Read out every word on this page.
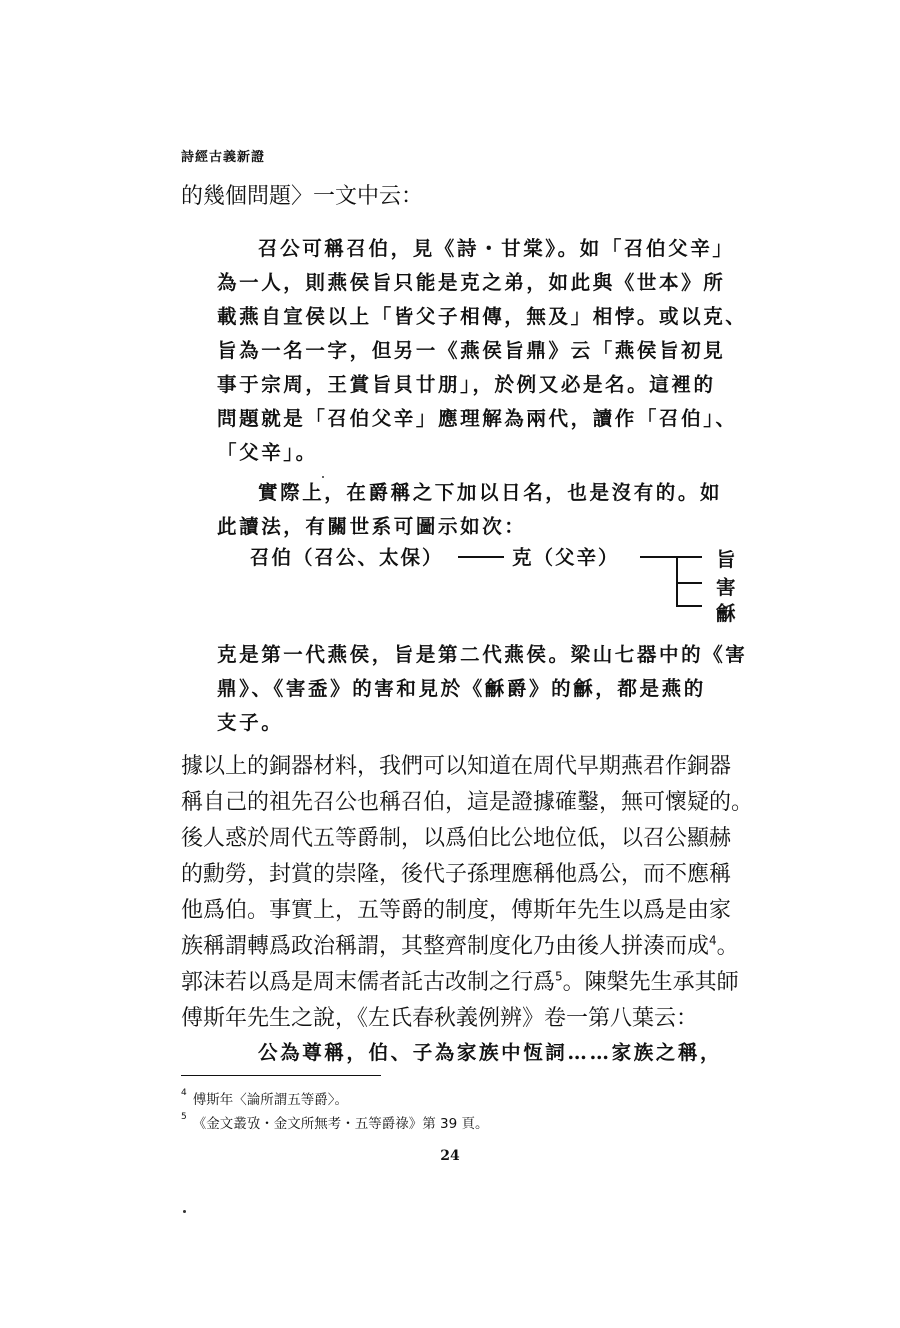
詩經古義新證
的幾個問題〉一文中云：
召公可稱召伯，見《詩・甘棠》。如「召伯父辛」
為一人，則燕侯旨只能是克之弟，如此與《世本》所
載燕自宣侯以上「皆父子相傳，無及」相悖。或以克、
旨為一名一字，但另一《燕侯旨鼎》云「燕侯旨初見
事于宗周，王賞旨貝廿朋」，於例又必是名。這裡的
問題就是「召伯父辛」應理解為兩代，讀作「召伯」、
「父辛」。
實際上，在爵稱之下加以日名，也是沒有的。如
此讀法，有關世系可圖示如次：
召伯（召公、太保）	克（父辛）	旨
害
龢
克是第一代燕侯，旨是第二代燕侯。梁山七器中的《害
鼎》、《害盉》的害和見於《龢爵》的龢，都是燕的
支子。
據以上的銅器材料，我們可以知道在周代早期燕君作銅器
稱自己的祖先召公也稱召伯，這是證據確鑿，無可懷疑的。
後人惑於周代五等爵制，以爲伯比公地位低，以召公顯赫
的勳勞，封賞的崇隆，後代子孫理應稱他爲公，而不應稱
他爲伯。事實上，五等爵的制度，傅斯年先生以爲是由家
族稱謂轉爲政治稱謂，其整齊制度化乃由後人拼湊而成$^4$。
郭沫若以爲是周末儒者託古改制之行爲$^5$。陳槃先生承其師
傅斯年先生之說，《左氏春秋義例辨》卷一第八葉云：
公為尊稱，伯、子為家族中恆詞……家族之稱，
$^4$ 傅斯年〈論所謂五等爵〉。
$^5$ 《金文叢攷・金文所無考・五等爵祿》第 39 頁。
24
